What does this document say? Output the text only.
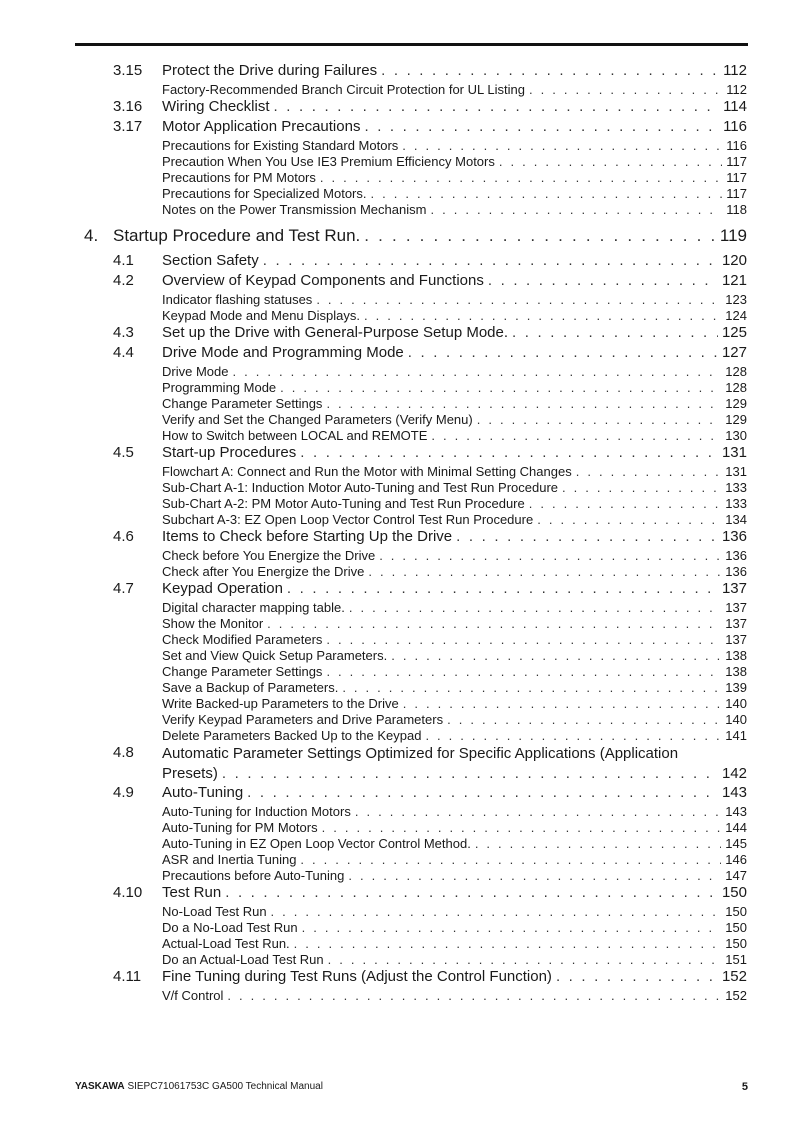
3.15 Protect the Drive during Failures . . .	112
Factory-Recommended Branch Circuit Protection for UL Listing . . .	112
3.16 Wiring Checklist . . .	114
3.17 Motor Application Precautions . . .	116
Precautions for Existing Standard Motors . . .	116
Precaution When You Use IE3 Premium Efficiency Motors . . .	117
Precautions for PM Motors . . .	117
Precautions for Specialized Motors. . . .	117
Notes on the Power Transmission Mechanism . . .	118
4. Startup Procedure and Test Run. . . .	119
4.1 Section Safety . . .	120
4.2 Overview of Keypad Components and Functions . . .	121
Indicator flashing statuses . . .	123
Keypad Mode and Menu Displays. . . .	124
4.3 Set up the Drive with General-Purpose Setup Mode. . . .	125
4.4 Drive Mode and Programming Mode . . .	127
Drive Mode . . .	128
Programming Mode . . .	128
Change Parameter Settings . . .	129
Verify and Set the Changed Parameters (Verify Menu) . . .	129
How to Switch between LOCAL and REMOTE . . .	130
4.5 Start-up Procedures . . .	131
Flowchart A: Connect and Run the Motor with Minimal Setting Changes . . .	131
Sub-Chart A-1: Induction Motor Auto-Tuning and Test Run Procedure . . .	133
Sub-Chart A-2: PM Motor Auto-Tuning and Test Run Procedure . . .	133
Subchart A-3: EZ Open Loop Vector Control Test Run Procedure . . .	134
4.6 Items to Check before Starting Up the Drive . . .	136
Check before You Energize the Drive . . .	136
Check after You Energize the Drive . . .	136
4.7 Keypad Operation . . .	137
Digital character mapping table. . . .	137
Show the Monitor . . .	137
Check Modified Parameters . . .	137
Set and View Quick Setup Parameters. . . .	138
Change Parameter Settings . . .	138
Save a Backup of Parameters. . . .	139
Write Backed-up Parameters to the Drive . . .	140
Verify Keypad Parameters and Drive Parameters . . .	140
Delete Parameters Backed Up to the Keypad . . .	141
4.8 Automatic Parameter Settings Optimized for Specific Applications (Application
Presets) . . .	142
4.9 Auto-Tuning . . .	143
Auto-Tuning for Induction Motors . . .	143
Auto-Tuning for PM Motors . . .	144
Auto-Tuning in EZ Open Loop Vector Control Method. . . .	145
ASR and Inertia Tuning . . .	146
Precautions before Auto-Tuning . . .	147
4.10 Test Run . . .	150
No-Load Test Run . . .	150
Do a No-Load Test Run . . .	150
Actual-Load Test Run. . . .	150
Do an Actual-Load Test Run . . .	151
4.11 Fine Tuning during Test Runs (Adjust the Control Function) . . .	152
V/f Control . . .	152
YASKAWA SIEPC71061753C GA500 Technical Manual	5
